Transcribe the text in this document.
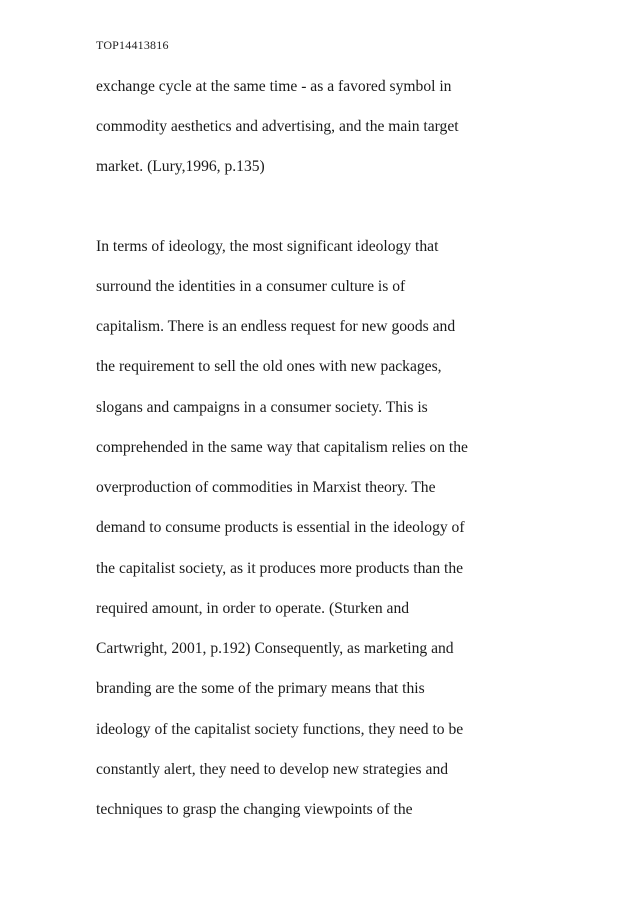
TOP14413816
exchange cycle at the same time - as a favored symbol in
commodity aesthetics and advertising, and the main target
market. (Lury,1996, p.135)
In terms of ideology, the most significant ideology that
surround the identities in a consumer culture is of
capitalism. There is an endless request for new goods and
the requirement to sell the old ones with new packages,
slogans and campaigns in a consumer society. This is
comprehended in the same way that capitalism relies on the
overproduction of commodities in Marxist theory. The
demand to consume products is essential in the ideology of
the capitalist society, as it produces more products than the
required amount, in order to operate. (Sturken and
Cartwright, 2001, p.192) Consequently, as marketing and
branding are the some of the primary means that this
ideology of the capitalist society functions, they need to be
constantly alert, they need to develop new strategies and
techniques to grasp the changing viewpoints of the
